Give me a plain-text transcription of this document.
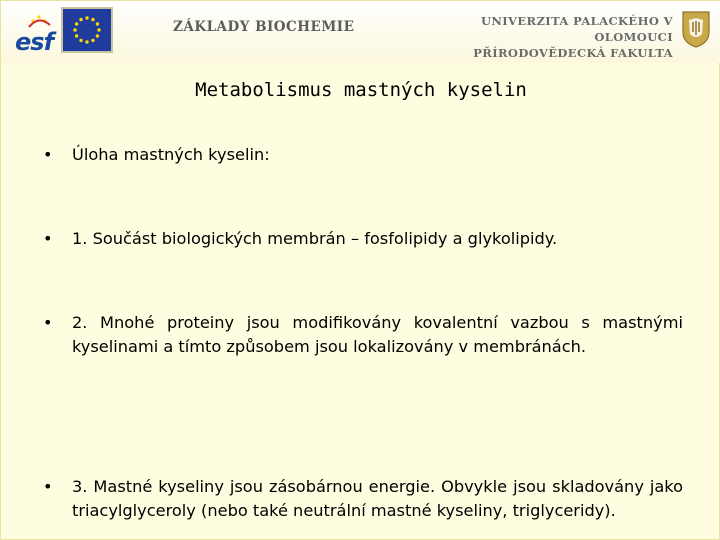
esf
ZÁKLADY BIOCHEMIE	UNIVERZITA PALACKÉHO V OLOMOUCI
PŘÍRODOVĚDECKÁ FAKULTA
Metabolismus mastných kyselin
• Úloha mastných kyselin:
• 1. Součást biologických membrán – fosfolipidy a glykolipidy.
• 2. Mnohé proteiny jsou modifikovány kovalentní vazbou s mastnými kyselinami a tímto způsobem jsou lokalizovány v membránách.
• 3. Mastné kyseliny jsou zásobárnou energie. Obvykle jsou skladovány jako triacylglyceroly (nebo také neutrální mastné kyseliny, triglyceridy).
